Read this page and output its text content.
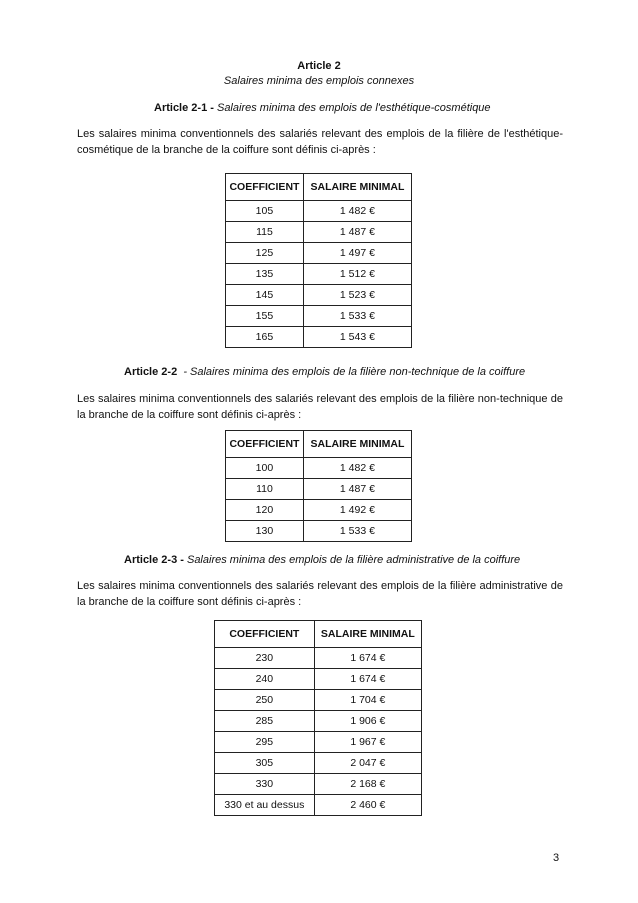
Article 2
Salaires minima des emplois connexes
Article 2-1 - Salaires minima des emplois de l'esthétique-cosmétique
Les salaires minima conventionnels des salariés relevant des emplois de la filière de l'esthétique-cosmétique de la branche de la coiffure sont définis ci-après :
COEFFICIENT	SALAIRE MINIMAL
105	1 482 €
115	1 487 €
125	1 497 €
135	1 512 €
145	1 523 €
155	1 533 €
165	1 543 €
Article 2-2  - Salaires minima des emplois de la filière non-technique de la coiffure
Les salaires minima conventionnels des salariés relevant des emplois de la filière non-technique de la branche de la coiffure sont définis ci-après :
COEFFICIENT	SALAIRE MINIMAL
100	1 482 €
110	1 487 €
120	1 492 €
130	1 533 €
Article 2-3 - Salaires minima des emplois de la filière administrative de la coiffure
Les salaires minima conventionnels des salariés relevant des emplois de la filière administrative de la branche de la coiffure sont définis ci-après :
COEFFICIENT	SALAIRE MINIMAL
230	1 674 €
240	1 674 €
250	1 704 €
285	1 906 €
295	1 967 €
305	2 047 €
330	2 168 €
330 et au dessus	2 460 €
3
